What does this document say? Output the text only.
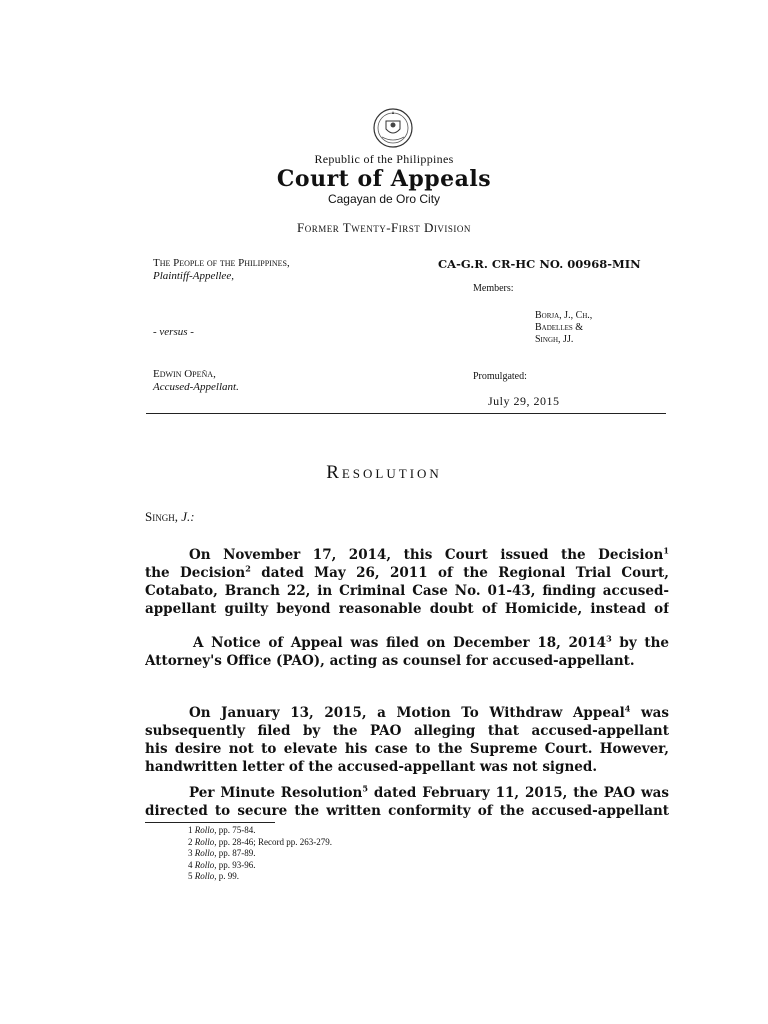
Republic of the Philippines
Court of Appeals
Cagayan de Oro City
Former Twenty-First Division
The People of the Philippines,
Plaintiff-Appellee,
CA-G.R. CR-HC NO. 00968-MIN
Members:
Borja, J., Ch.,
Badelles &
Singh, JJ.
- versus -
Edwin Opeña,
Accused-Appellant.
Promulgated:
July 29, 2015
Resolution
Singh, J.:
On November 17, 2014, this Court issued the Decision$^1$
the Decision$^2$ dated May 26, 2011 of the Regional Trial Court,
Cotabato, Branch 22, in Criminal Case No. 01-43, finding accused-
appellant guilty beyond reasonable doubt of Homicide, instead of
A Notice of Appeal was filed on December 18, 2014$^3$ by the
Attorney's Office (PAO), acting as counsel for accused-appellant.
On January 13, 2015, a Motion To Withdraw Appeal$^4$ was
subsequently filed by the PAO alleging that accused-appellant
his desire not to elevate his case to the Supreme Court. However,
handwritten letter of the accused-appellant was not signed.
Per Minute Resolution$^5$ dated February 11, 2015, the PAO was
directed to secure the written conformity of the accused-appellant
1 Rollo, pp. 75-84.
2 Rollo, pp. 28-46; Record pp. 263-279.
3 Rollo, pp. 87-89.
4 Rollo, pp. 93-96.
5 Rollo, p. 99.
